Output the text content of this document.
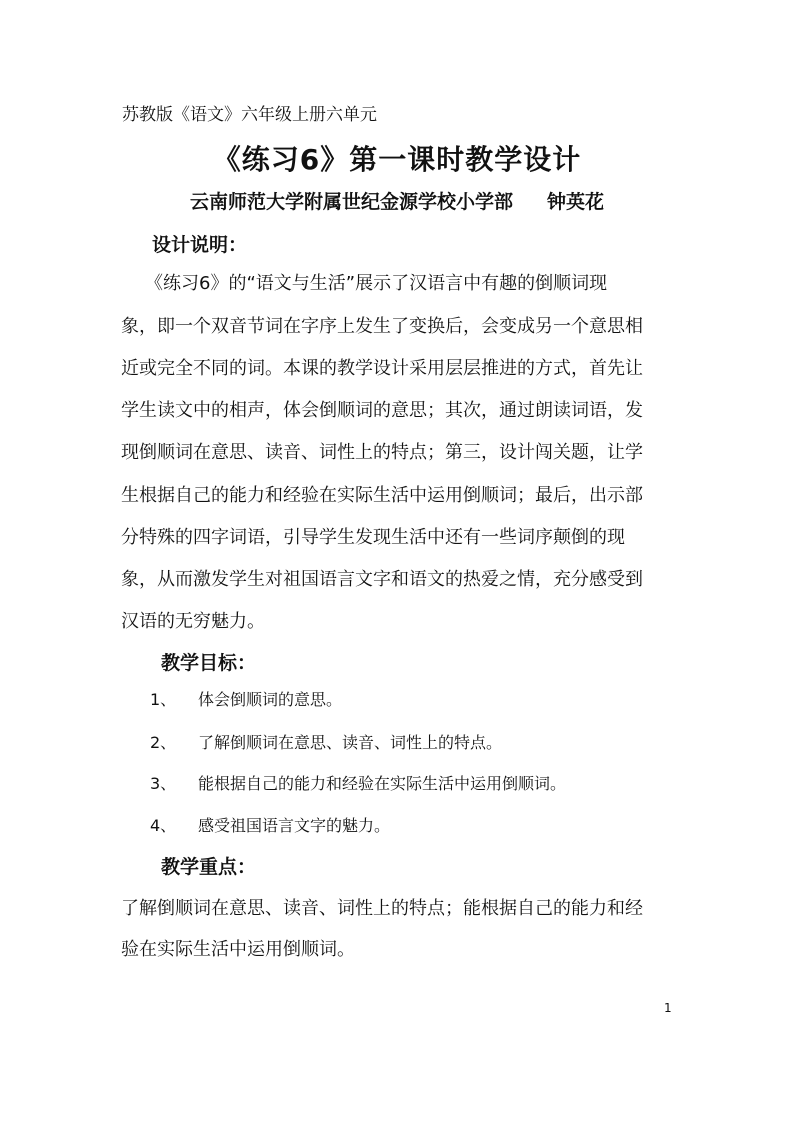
苏教版《语文》六年级上册六单元
《练习6》第一课时教学设计
云南师范大学附属世纪金源学校小学部 钟英花
设计说明：
《练习6》的“语文与生活”展示了汉语言中有趣的倒顺词现
象，即一个双音节词在字序上发生了变换后，会变成另一个意思相
近或完全不同的词。本课的教学设计采用层层推进的方式，首先让
学生读文中的相声，体会倒顺词的意思；其次，通过朗读词语，发
现倒顺词在意思、读音、词性上的特点；第三，设计闯关题，让学
生根据自己的能力和经验在实际生活中运用倒顺词；最后，出示部
分特殊的四字词语，引导学生发现生活中还有一些词序颠倒的现
象，从而激发学生对祖国语言文字和语文的热爱之情，充分感受到
汉语的无穷魅力。
教学目标：
1、 体会倒顺词的意思。
2、 了解倒顺词在意思、读音、词性上的特点。
3、 能根据自己的能力和经验在实际生活中运用倒顺词。
4、 感受祖国语言文字的魅力。
教学重点：
了解倒顺词在意思、读音、词性上的特点；能根据自己的能力和经
验在实际生活中运用倒顺词。
1
